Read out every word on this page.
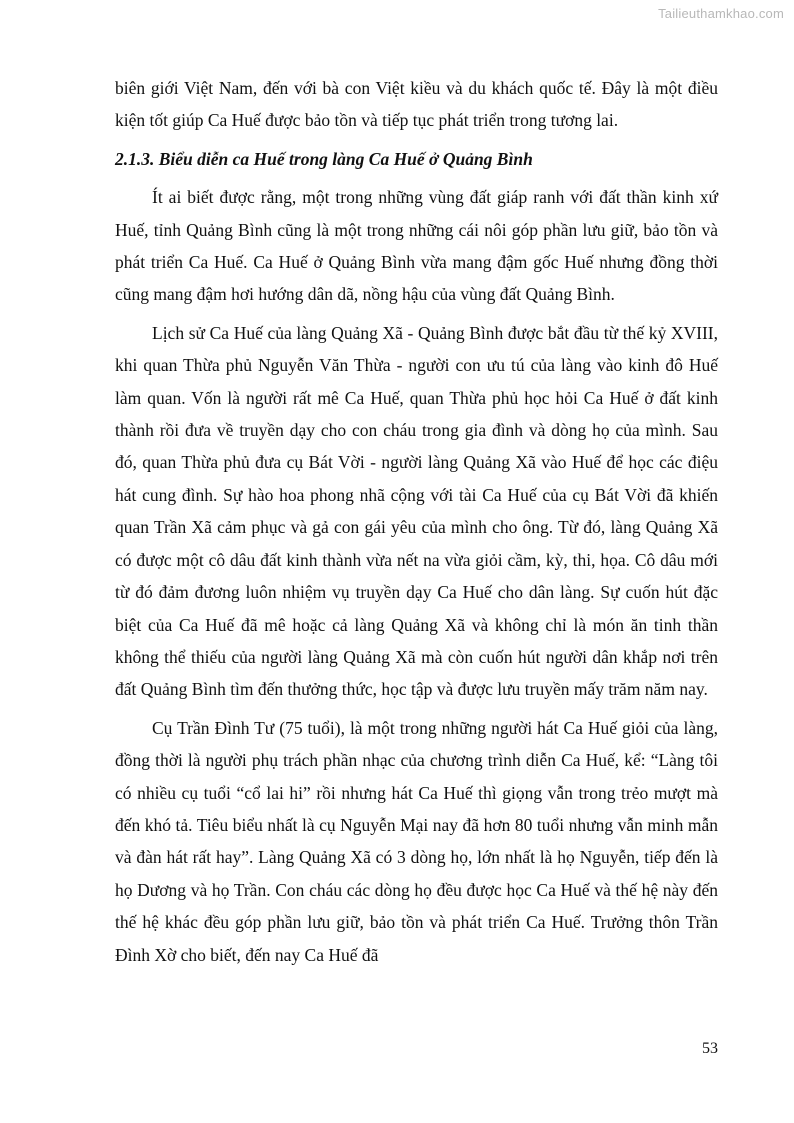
Tailieuthamkhao.com

biên giới Việt Nam, đến với bà con Việt kiều và du khách quốc tế. Đây là một điều kiện tốt giúp Ca Huế được bảo tồn và tiếp tục phát triển trong tương lai.

2.1.3. Biểu diễn ca Huế trong làng Ca Huế ở Quảng Bình

Ít ai biết được rằng, một trong những vùng đất giáp ranh với đất thần kinh xứ Huế, tỉnh Quảng Bình cũng là một trong những cái nôi góp phần lưu giữ, bảo tồn và phát triển Ca Huế. Ca Huế ở Quảng Bình vừa mang đậm gốc Huế nhưng đồng thời cũng mang đậm hơi hướng dân dã, nồng hậu của vùng đất Quảng Bình.

Lịch sử Ca Huế của làng Quảng Xã - Quảng Bình được bắt đầu từ thế kỷ XVIII, khi quan Thừa phủ Nguyễn Văn Thừa - người con ưu tú của làng vào kinh đô Huế làm quan. Vốn là người rất mê Ca Huế, quan Thừa phủ học hỏi Ca Huế ở đất kinh thành rồi đưa về truyền dạy cho con cháu trong gia đình và dòng họ của mình. Sau đó, quan Thừa phủ đưa cụ Bát Vời - người làng Quảng Xã vào Huế để học các điệu hát cung đình. Sự hào hoa phong nhã cộng với tài Ca Huế của cụ Bát Vời đã khiến quan Trần Xã cảm phục và gả con gái yêu của mình cho ông. Từ đó, làng Quảng Xã có được một cô dâu đất kinh thành vừa nết na vừa giỏi cầm, kỳ, thi, họa. Cô dâu mới từ đó đảm đương luôn nhiệm vụ truyền dạy Ca Huế cho dân làng. Sự cuốn hút đặc biệt của Ca Huế đã mê hoặc cả làng Quảng Xã và không chỉ là món ăn tinh thần không thể thiếu của người làng Quảng Xã mà còn cuốn hút người dân khắp nơi trên đất Quảng Bình tìm đến thưởng thức, học tập và được lưu truyền mấy trăm năm nay.

Cụ Trần Đình Tư (75 tuổi), là một trong những người hát Ca Huế giỏi của làng, đồng thời là người phụ trách phần nhạc của chương trình diễn Ca Huế, kể: “Làng tôi có nhiều cụ tuổi “cổ lai hi” rồi nhưng hát Ca Huế thì giọng vẫn trong trẻo mượt mà đến khó tả. Tiêu biểu nhất là cụ Nguyễn Mại nay đã hơn 80 tuổi nhưng vẫn minh mẫn và đàn hát rất hay”. Làng Quảng Xã có 3 dòng họ, lớn nhất là họ Nguyễn, tiếp đến là họ Dương và họ Trần. Con cháu các dòng họ đều được học Ca Huế và thế hệ này đến thế hệ khác đều góp phần lưu giữ, bảo tồn và phát triển Ca Huế. Trưởng thôn Trần Đình Xờ cho biết, đến nay Ca Huế đã

53
